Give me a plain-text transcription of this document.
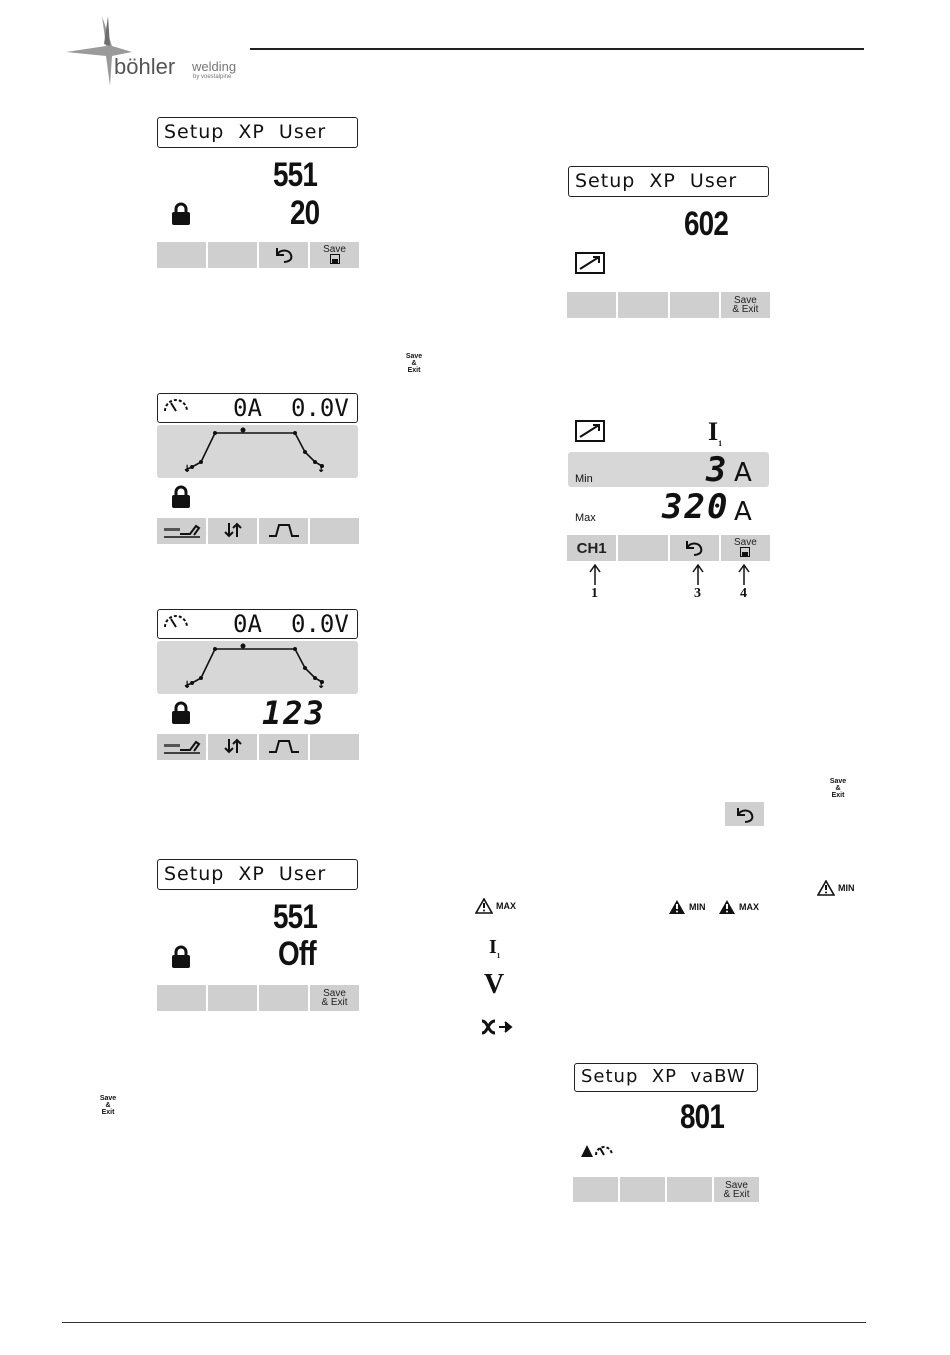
böhler welding
by voestalpine
Setup  XP  User
551
20
Save
Setup  XP  User
602
Save
& Exit
Save
&
Exit
0A 0.0V
↓	↓
0A 0.0V
↓	↓
123
$I_1$
Min	3 A
Max 320 A
CH1	Save
1	3	4
Save
&
Exit
MIN
MAX	MIN	MAX
$I_1$
V
Setup  XP  User
551
Off
Save
& Exit
Save
&
Exit
Setup  XP  vaBW
801
Save
& Exit
